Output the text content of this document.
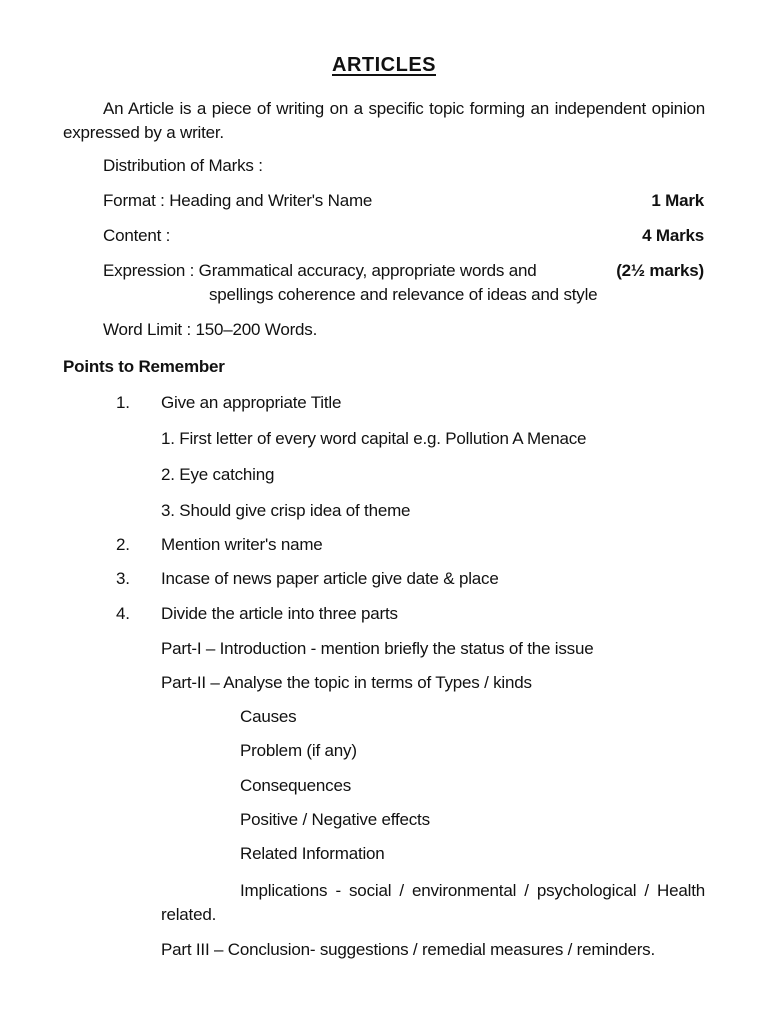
ARTICLES
An Article is a piece of writing on a specific topic forming an independent opinion expressed by a writer.
Distribution of Marks :
Format : Heading and Writer's Name	1 Mark
Content :	4 Marks
Expression : Grammatical accuracy, appropriate words and	(2½ marks)
spellings coherence and relevance of ideas and style
Word Limit : 150–200 Words.
Points to Remember
1. Give an appropriate Title
1. First letter of every word capital e.g. Pollution A Menace
2. Eye catching
3. Should give crisp idea of theme
2. Mention writer's name
3. Incase of news paper article give date & place
4. Divide the article into three parts
Part-I – Introduction - mention briefly the status of the issue
Part-II – Analyse the topic in terms of Types / kinds
Causes
Problem (if any)
Consequences
Positive / Negative effects
Related Information
Implications - social / environmental / psychological / Health related.
Part III – Conclusion- suggestions / remedial measures / reminders.
